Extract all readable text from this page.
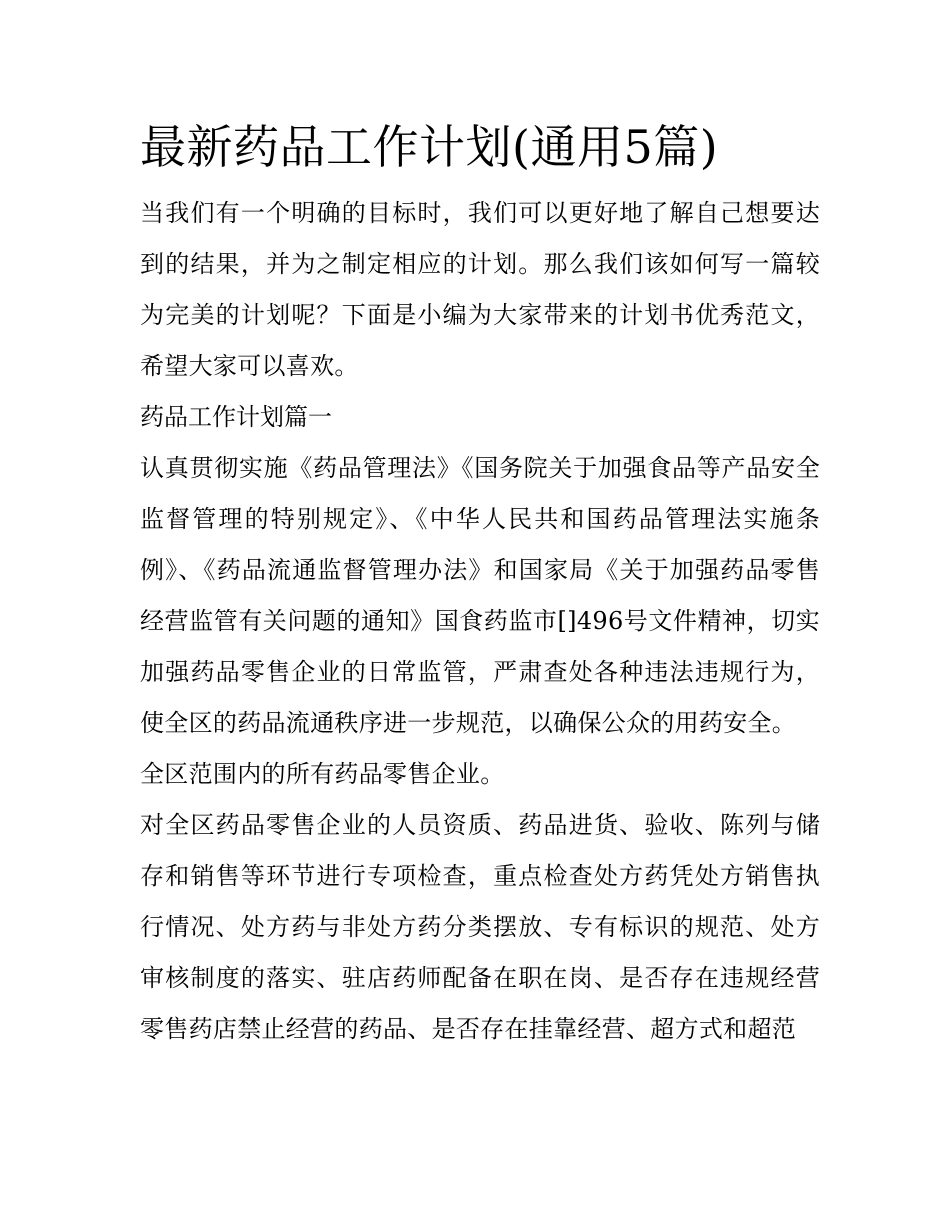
最新药品工作计划(通用5篇)

当我们有一个明确的目标时，我们可以更好地了解自己想要达到的结果，并为之制定相应的计划。那么我们该如何写一篇较为完美的计划呢？下面是小编为大家带来的计划书优秀范文，希望大家可以喜欢。

药品工作计划篇一

认真贯彻实施《药品管理法》《国务院关于加强食品等产品安全监督管理的特别规定》、《中华人民共和国药品管理法实施条例》、《药品流通监督管理办法》和国家局《关于加强药品零售经营监管有关问题的通知》国食药监市[]496号文件精神，切实加强药品零售企业的日常监管，严肃查处各种违法违规行为，使全区的药品流通秩序进一步规范，以确保公众的用药安全。

全区范围内的所有药品零售企业。

对全区药品零售企业的人员资质、药品进货、验收、陈列与储存和销售等环节进行专项检查，重点检查处方药凭处方销售执行情况、处方药与非处方药分类摆放、专有标识的规范、处方审核制度的落实、驻店药师配备在职在岗、是否存在违规经营零售药店禁止经营的药品、是否存在挂靠经营、超方式和超范
